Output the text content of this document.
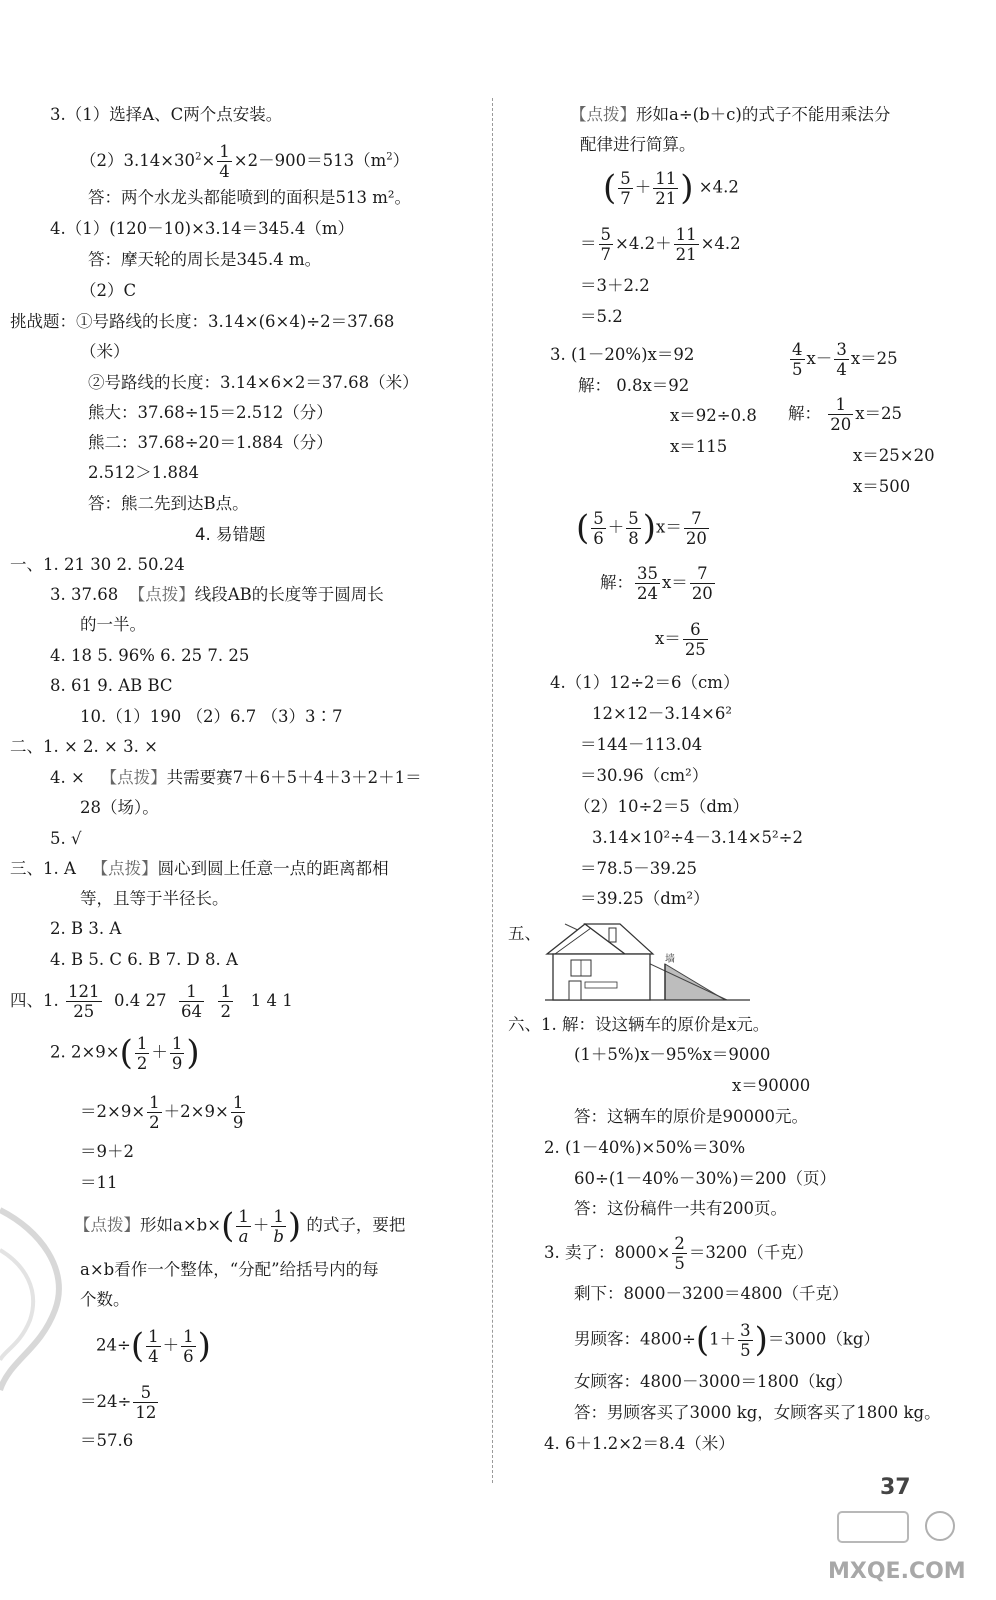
3.（1）选择A、C两个点安装。
$(2)3.14\times 30^2\times \frac{1}{4} \times 2-900=513(m^2)$
答：两个水龙头都能喷到的面积是513 m²。
4.（1）(120－10)×3.14＝345.4（m）
答：摩天轮的周长是345.4 m。
（2）C
挑战题：①号路线的长度：3.14×(6×4)÷2＝37.68
（米）
②号路线的长度：3.14×6×2＝37.68（米）
熊大：37.68÷15＝2.512（分）
熊二：37.68÷20＝1.884（分）
2.512＞1.884
答：熊二先到达B点。
4. 易错题
一、1. 21 30 2. 50.24
3. 37.68 【点拨】线段AB的长度等于圆周长
的一半。
4. 18 5. 96% 6. 25 7. 25
8. 61 9. AB BC
10.（1）190 （2）6.7 （3）3∶7
二、1. × 2. × 3. ×
4. × 【点拨】共需要赛7＋6＋5＋4＋3＋2＋1＝
28（场）。
5. √
三、1. A 【点拨】圆心到圆上任意一点的距离都相
等，且等于半径长。
2. B 3. A
4. B 5. C 6. B 7. D 8. A
四、1. $\frac{121}{25} 0.4$ $27 \frac{1}{64}$
$\frac{1}{2} 1$ 4 1
2. $2\times 9\times( \frac{1}{2} + \frac{1}{9}$ )
$=2\times 9\times \frac{1}{2} +2\times 9\times \frac{1}{9}$
＝9＋2
＝11
【点拨】形如$a\times b\times( \frac{1}{a} + \frac{1}{b}$ ) 的式子，要把
a×b看作一个整体，“分配”给括号内的每
个数。
$24\div( \frac{1}{4} + \frac{1}{6}$ )
$=24\div \frac{5}{12}$
＝57.6
【点拨】形如a÷(b＋c)的式子不能用乘法分
配律进行简算。
( $\frac{5}{7} + \frac{11}{21}$ ) ×4.2
＝ $\frac{5}{7} \times 4.2+ \frac{11}{21} \times 4.2$
＝3＋2.2
＝5.2
3. (1－20%)x＝92	$\frac{4}{5} x- \frac{3}{4} x=25$
解： 0.8x＝92
x＝92÷0.8 解： $\frac{1}{20} x=25$
x＝115	x＝25×20
x＝500
( $\frac{5}{6} + \frac{5}{8} )x= \frac{7}{20}$
解： $\frac{35}{24} x= \frac{7}{20}$
$x= \frac{6}{25}$
4.（1）12÷2＝6（cm）
12×12－3.14×6²
＝144－113.04
＝30.96（cm²）
（2）10÷2＝5（dm）
3.14×10²÷4－3.14×5²÷2
＝78.5－39.25
＝39.25（dm²）
五、
墙
六、1. 解：设这辆车的原价是x元。
(1＋5%)x－95%x＝9000
x＝90000
答：这辆车的原价是90000元。
2. (1－40%)×50%＝30%
60÷(1－40%－30%)＝200（页）
答：这份稿件一共有200页。
3. 卖了：$8000\times \frac{2}{5} =3200$（千克）
剩下：8000－3200＝4800（千克）
男顾客：$4800\div(1+ \frac{3}{5} )=3000(kg)$
女顾客：4800－3000＝1800（kg）
答：男顾客买了3000 kg，女顾客买了1800 kg。
4. 6＋1.2×2＝8.4（米）
37
MXQE.COM
